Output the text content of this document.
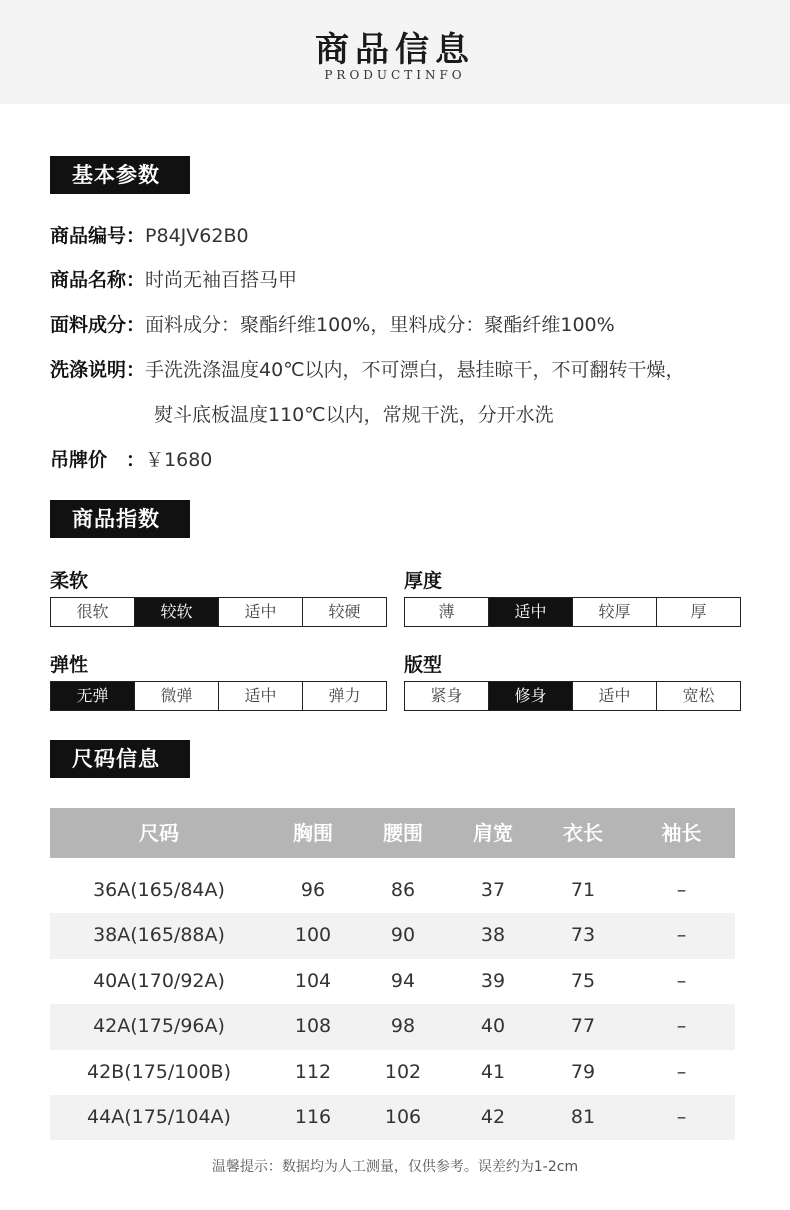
商品信息
PRODUCTINFO
基本参数
商品编号：P84JV62B0
商品名称：时尚无袖百搭马甲
面料成分：面料成分：聚酯纤维100%，里料成分：聚酯纤维100%
洗涤说明：手洗洗涤温度40℃以内，不可漂白，悬挂晾干，不可翻转干燥，
熨斗底板温度110℃以内，常规干洗，分开水洗
吊牌价　：￥1680
商品指数
柔软
很软	较软	适中	较硬
厚度
薄	适中	较厚	厚
弹性
无弹	微弹	适中	弹力
版型
紧身	修身	适中	宽松
尺码信息
尺码	胸围	腰围	肩宽	衣长	袖长
36A(165/84A)	96	86	37	71	–
38A(165/88A)	100	90	38	73	–
40A(170/92A)	104	94	39	75	–
42A(175/96A)	108	98	40	77	–
42B(175/100B)	112	102	41	79	–
44A(175/104A)	116	106	42	81	–
温馨提示：数据均为人工测量，仅供参考。误差约为1-2cm
